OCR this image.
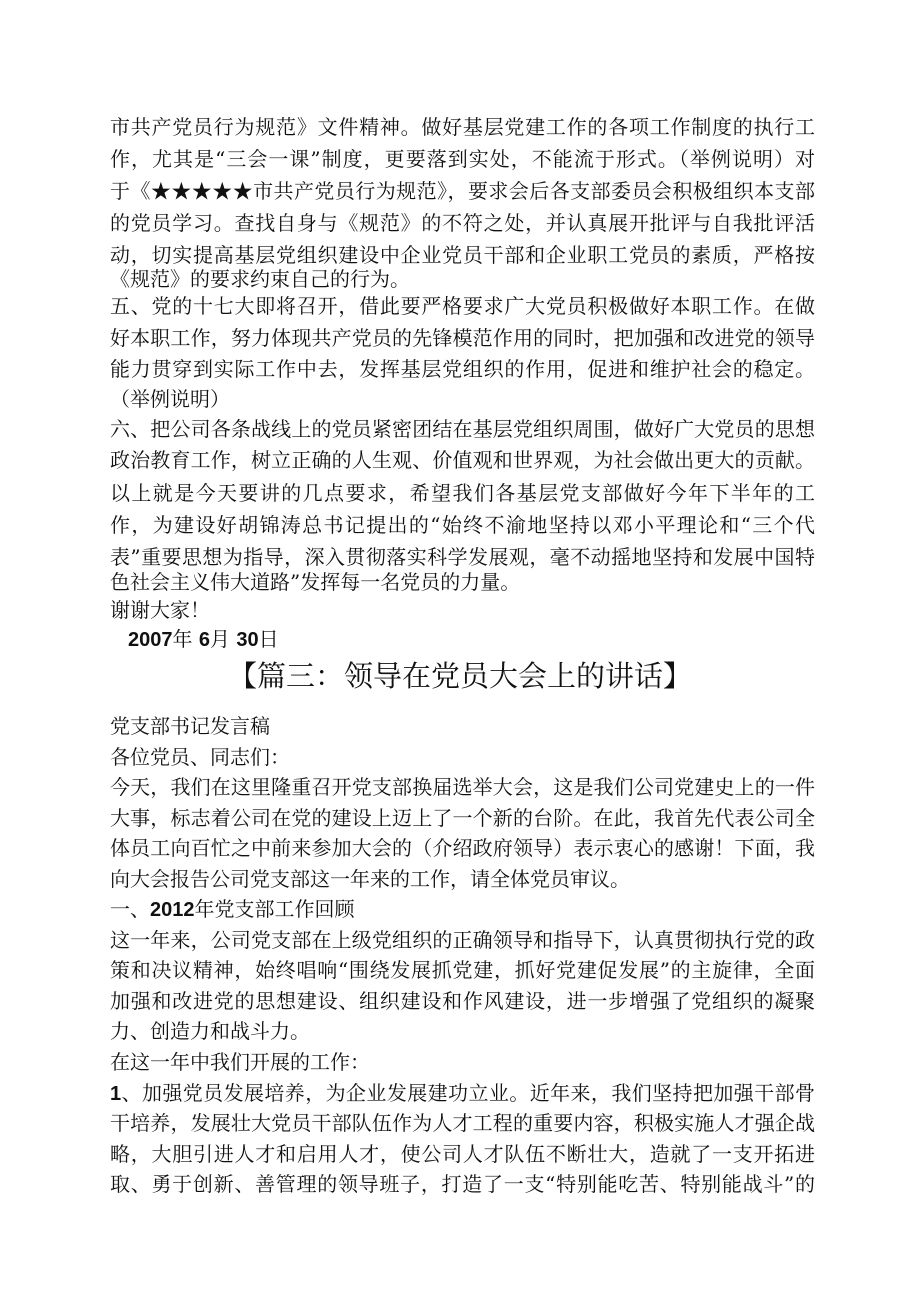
市共产党员行为规范》文件精神。做好基层党建工作的各项工作制度的执行工
作，尤其是“三会一课”制度，更要落到实处，不能流于形式。（举例说明）对
于《★★★★★市共产党员行为规范》，要求会后各支部委员会积极组织本支部
的党员学习。查找自身与《规范》的不符之处，并认真展开批评与自我批评活
动，切实提高基层党组织建设中企业党员干部和企业职工党员的素质，严格按
《规范》的要求约束自己的行为。
五、党的十七大即将召开，借此要严格要求广大党员积极做好本职工作。在做
好本职工作，努力体现共产党员的先锋模范作用的同时，把加强和改进党的领导
能力贯穿到实际工作中去，发挥基层党组织的作用，促进和维护社会的稳定。
（举例说明）
六、把公司各条战线上的党员紧密团结在基层党组织周围，做好广大党员的思想
政治教育工作，树立正确的人生观、价值观和世界观，为社会做出更大的贡献。
以上就是今天要讲的几点要求，希望我们各基层党支部做好今年下半年的工
作，为建设好胡锦涛总书记提出的“始终不渝地坚持以邓小平理论和“三个代
表”重要思想为指导，深入贯彻落实科学发展观，毫不动摇地坚持和发展中国特
色社会主义伟大道路”发挥每一名党员的力量。
谢谢大家！
2007年 6月 30日
【篇三：领导在党员大会上的讲话】
党支部书记发言稿
各位党员、同志们：
今天，我们在这里隆重召开党支部换届选举大会，这是我们公司党建史上的一件
大事，标志着公司在党的建设上迈上了一个新的台阶。在此，我首先代表公司全
体员工向百忙之中前来参加大会的（介绍政府领导）表示衷心的感谢！下面，我
向大会报告公司党支部这一年来的工作，请全体党员审议。
一、2012年党支部工作回顾
这一年来，公司党支部在上级党组织的正确领导和指导下，认真贯彻执行党的政
策和决议精神，始终唱响“围绕发展抓党建，抓好党建促发展”的主旋律，全面
加强和改进党的思想建设、组织建设和作风建设，进一步增强了党组织的凝聚
力、创造力和战斗力。
在这一年中我们开展的工作：
1、加强党员发展培养，为企业发展建功立业。近年来，我们坚持把加强干部骨
干培养，发展壮大党员干部队伍作为人才工程的重要内容，积极实施人才强企战
略，大胆引进人才和启用人才，使公司人才队伍不断壮大，造就了一支开拓进
取、勇于创新、善管理的领导班子，打造了一支“特别能吃苦、特别能战斗”的
